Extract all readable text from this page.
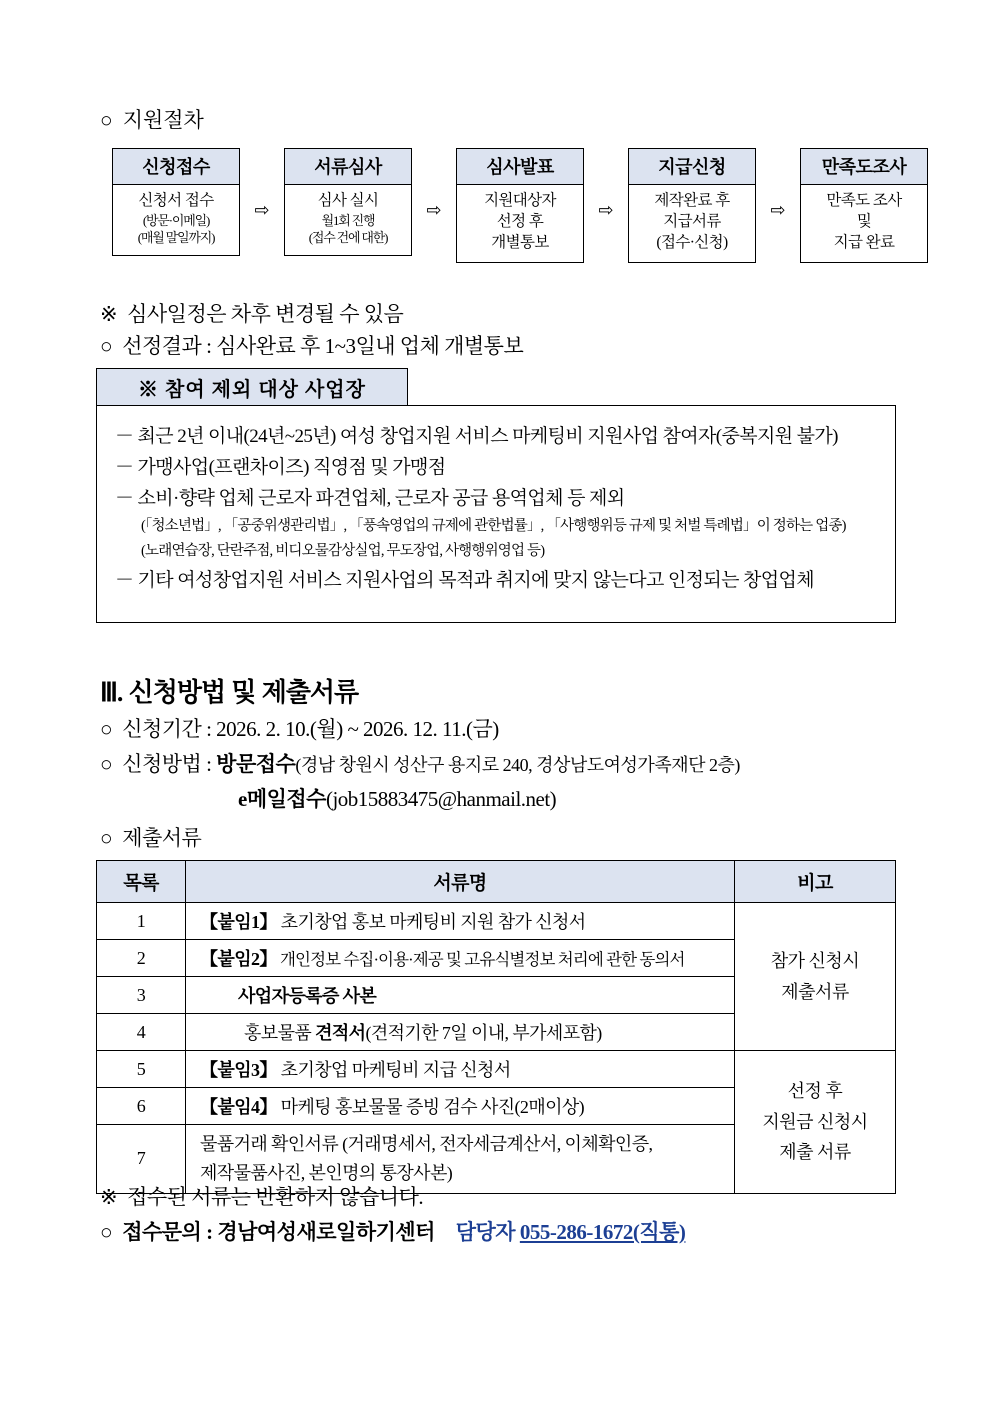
○ 지원절차
신청접수
신청서 접수
(방문·이메일)
(매월 말일까지)
⇨
서류심사
심사 실시
월1회 진행
(접수 건에 대한)
⇨
심사발표
지원대상자
선정 후
개별통보
⇨
지급신청
제작완료 후
지급서류
(접수·신청)
⇨
만족도조사
만족도 조사
및
지급 완료
※ 심사일정은 차후 변경될 수 있음
○ 선정결과 : 심사완료 후 1~3일내 업체 개별통보
※ 참여 제외 대상 사업장
－ 최근 2년 이내(24년~25년) 여성 창업지원 서비스 마케팅비 지원사업 참여자(중복지원 불가)
－ 가맹사업(프랜차이즈) 직영점 및 가맹점
－ 소비·향략 업체 근로자 파견업체, 근로자 공급 용역업체 등 제외
(「청소년법」, 「공중위생관리법」, 「풍속영업의 규제에 관한법률」, 「사행행위등 규제 및 처벌 특례법」이 정하는 업종)
(노래연습장, 단란주점, 비디오물감상실업, 무도장업, 사행행위영업 등)
－ 기타 여성창업지원 서비스 지원사업의 목적과 취지에 맞지 않는다고 인정되는 창업업체
Ⅲ. 신청방법 및 제출서류
○ 신청기간 : 2026. 2. 10.(월) ~ 2026. 12. 11.(금)
○ 신청방법 : 방문접수(경남 창원시 성산구 용지로 240, 경상남도여성가족재단 2층)
e메일접수(job15883475@hanmail.net)
○ 제출서류
목록	서류명	비고
1	【붙임1】 초기창업 홍보 마케팅비 지원 참가 신청서	참가 신청시
제출서류

2	【붙임2】 개인정보 수집·이용·제공 및 고유식별정보 처리에 관한 동의서	
3	사업자등록증 사본	
4	홍보물품 견적서(견적기한 7일 이내, 부가세포함)	
5	【붙임3】 초기창업 마케팅비 지급 신청서	선정 후
지원금 신청시
제출 서류

6	【붙임4】 마케팅 홍보물물 증빙 검수 사진(2매이상)	
7	물품거래 확인서류 (거래명세서, 전자세금계산서, 이체확인증,
제작물품사진, 본인명의 통장사본)	
※ 접수된 서류는 반환하지 않습니다.
○ 접수문의 : 경남여성새로일하기센터 담당자 055-286-1672(직통)
